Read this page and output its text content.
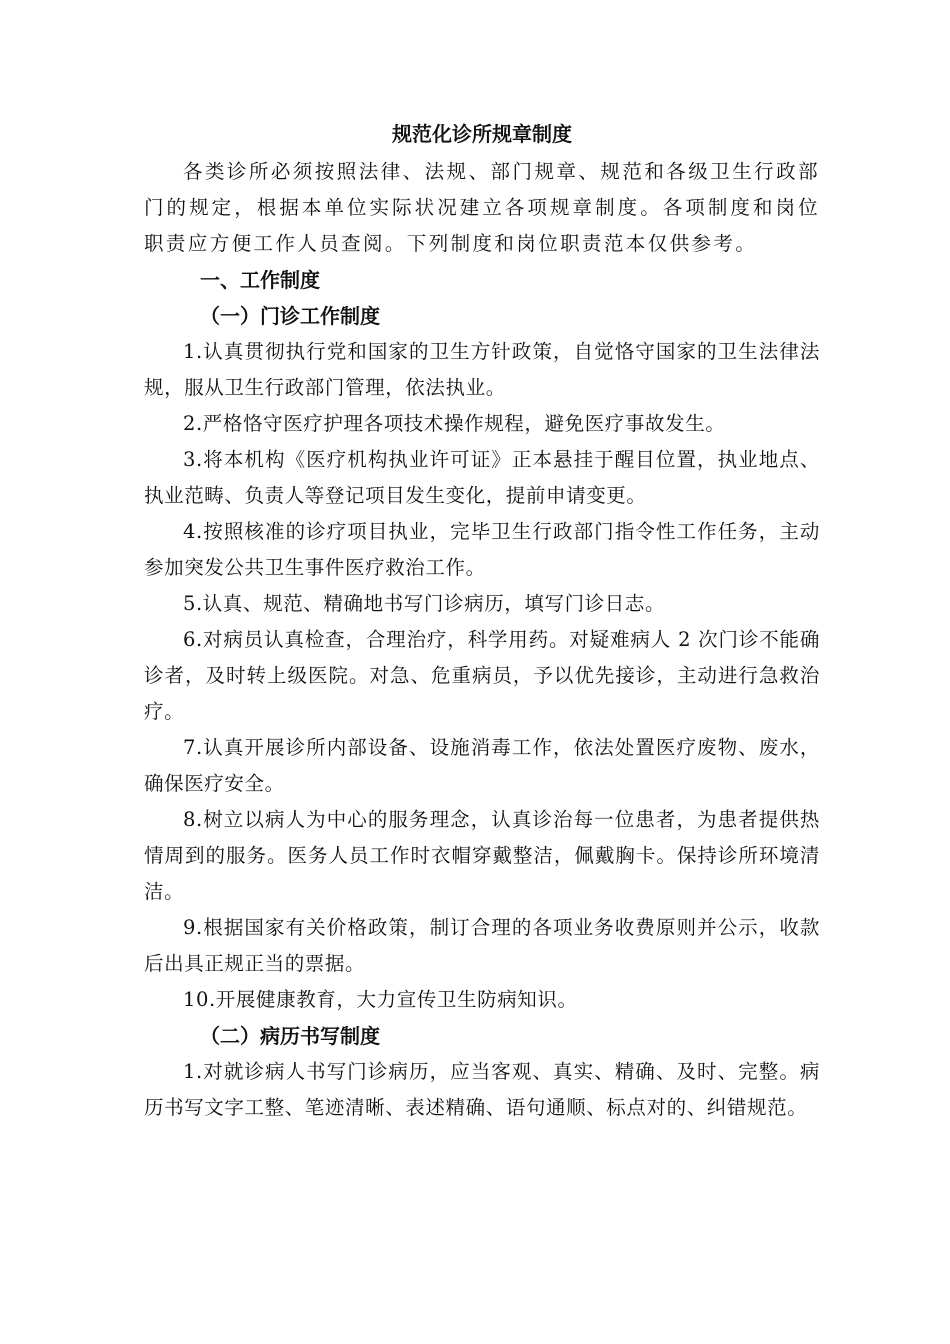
规范化诊所规章制度

各类诊所必须按照法律、法规、部门规章、规范和各级卫生行政部门的规定，根据本单位实际状况建立各项规章制度。各项制度和岗位职责应方便工作人员查阅。下列制度和岗位职责范本仅供参考。

一、工作制度

（一）门诊工作制度

1.认真贯彻执行党和国家的卫生方针政策，自觉恪守国家的卫生法律法规，服从卫生行政部门管理，依法执业。

2.严格恪守医疗护理各项技术操作规程，避免医疗事故发生。

3.将本机构《医疗机构执业许可证》正本悬挂于醒目位置，执业地点、执业范畴、负责人等登记项目发生变化，提前申请变更。

4.按照核准的诊疗项目执业，完毕卫生行政部门指令性工作任务，主动参加突发公共卫生事件医疗救治工作。

5.认真、规范、精确地书写门诊病历，填写门诊日志。

6.对病员认真检查，合理治疗，科学用药。对疑难病人 2 次门诊不能确诊者，及时转上级医院。对急、危重病员，予以优先接诊，主动进行急救治疗。

7.认真开展诊所内部设备、设施消毒工作，依法处置医疗废物、废水，确保医疗安全。

8.树立以病人为中心的服务理念，认真诊治每一位患者，为患者提供热情周到的服务。医务人员工作时衣帽穿戴整洁，佩戴胸卡。保持诊所环境清洁。

9.根据国家有关价格政策，制订合理的各项业务收费原则并公示，收款后出具正规正当的票据。

10.开展健康教育，大力宣传卫生防病知识。

（二）病历书写制度

1.对就诊病人书写门诊病历，应当客观、真实、精确、及时、完整。病历书写文字工整、笔迹清晰、表述精确、语句通顺、标点对的、纠错规范。
